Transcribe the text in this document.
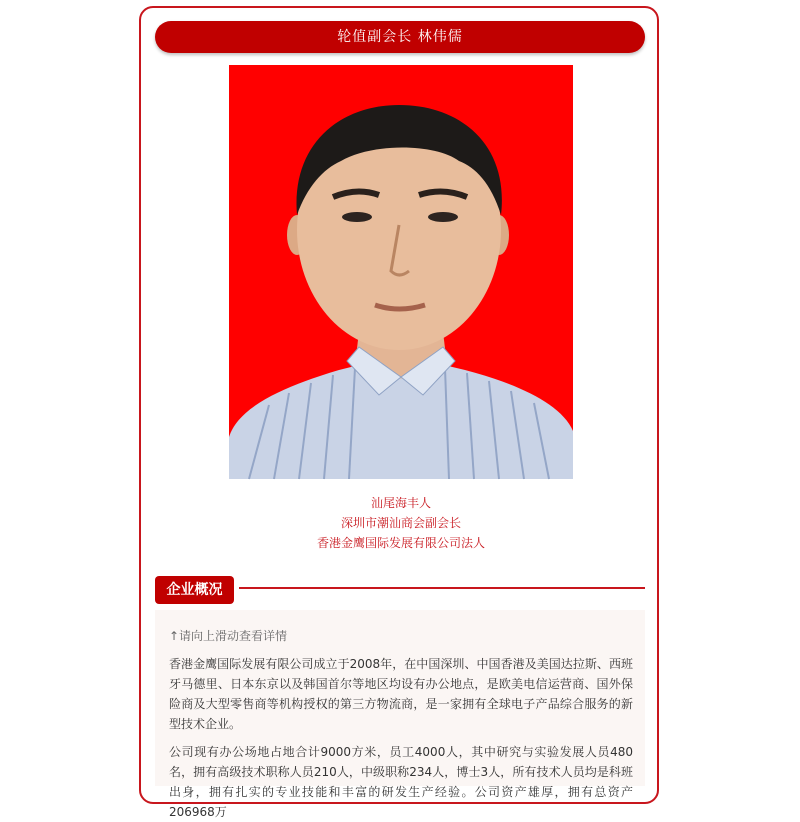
轮值副会长 林伟儒
汕尾海丰人
深圳市潮汕商会副会长
香港金鹰国际发展有限公司法人
企业概况
↑请向上滑动查看详情

香港金鹰国际发展有限公司成立于2008年，在中国深圳、中国香港及美国达拉斯、西班牙马德里、日本东京以及韩国首尔等地区均设有办公地点，是欧美电信运营商、国外保险商及大型零售商等机构授权的第三方物流商，是一家拥有全球电子产品综合服务的新型技术企业。

公司现有办公场地占地合计9000方米，员工4000人，其中研究与实验发展人员480名，拥有高级技术职称人员210人，中级职称234人，博士3人，所有技术人员均是科班出身，拥有扎实的专业技能和丰富的研发生产经验。公司资产雄厚，拥有总资产206968万
